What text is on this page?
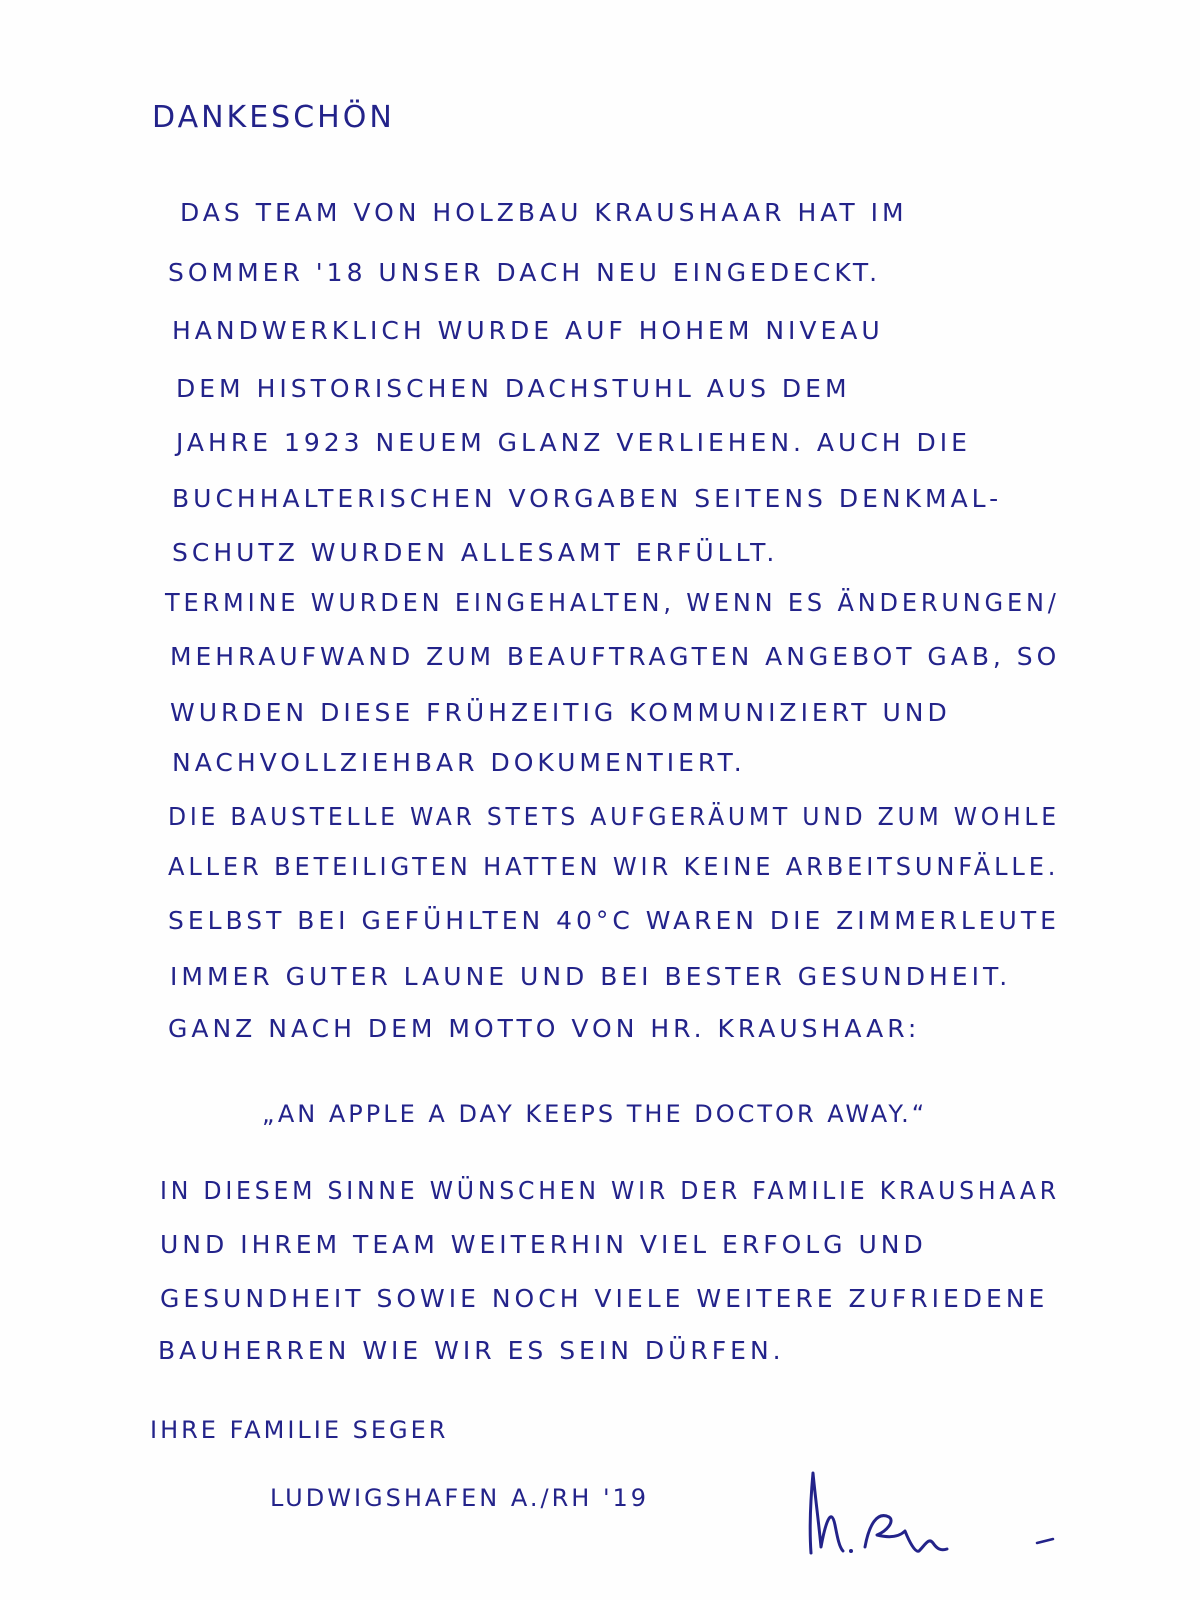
DANKESCHÖN
DAS TEAM VON HOLZBAU KRAUSHAAR HAT IM
SOMMER '18 UNSER DACH NEU EINGEDECKT.
HANDWERKLICH WURDE AUF HOHEM NIVEAU
DEM HISTORISCHEN DACHSTUHL AUS DEM
JAHRE 1923 NEUEM GLANZ VERLIEHEN. AUCH DIE
BUCHHALTERISCHEN VORGABEN SEITENS DENKMAL-
SCHUTZ WURDEN ALLESAMT ERFÜLLT.
TERMINE WURDEN EINGEHALTEN, WENN ES ÄNDERUNGEN/
MEHRAUFWAND ZUM BEAUFTRAGTEN ANGEBOT GAB, SO
WURDEN DIESE FRÜHZEITIG KOMMUNIZIERT UND
NACHVOLLZIEHBAR DOKUMENTIERT.
DIE BAUSTELLE WAR STETS AUFGERÄUMT UND ZUM WOHLE
ALLER BETEILIGTEN HATTEN WIR KEINE ARBEITSUNFÄLLE.
SELBST BEI GEFÜHLTEN 40°C WAREN DIE ZIMMERLEUTE
IMMER GUTER LAUNE UND BEI BESTER GESUNDHEIT.
GANZ NACH DEM MOTTO VON HR. KRAUSHAAR:
„AN APPLE A DAY KEEPS THE DOCTOR AWAY.“
IN DIESEM SINNE WÜNSCHEN WIR DER FAMILIE KRAUSHAAR
UND IHREM TEAM WEITERHIN VIEL ERFOLG UND
GESUNDHEIT SOWIE NOCH VIELE WEITERE ZUFRIEDENE
BAUHERREN WIE WIR ES SEIN DÜRFEN.
IHRE FAMILIE SEGER
LUDWIGSHAFEN A./RH '19
